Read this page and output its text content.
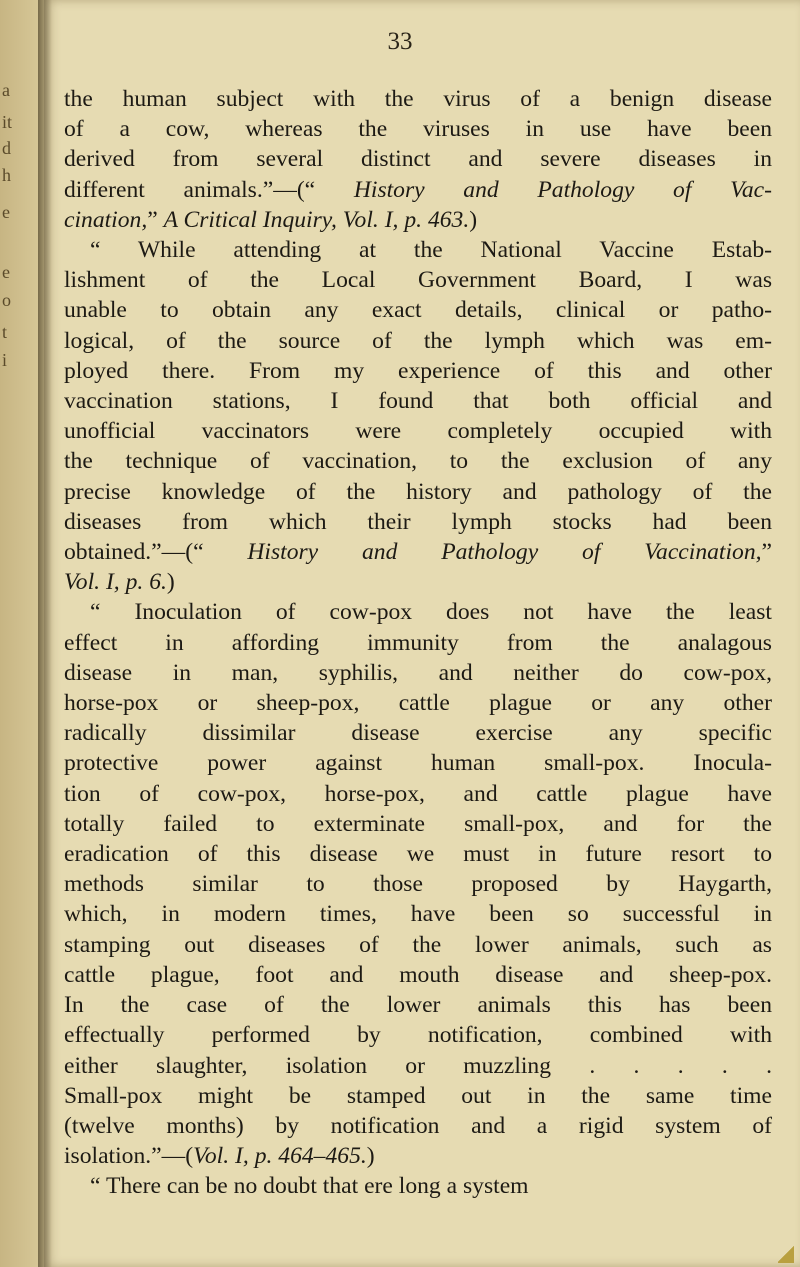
a
it
d
h
e
e
o
t
i
33
the human subject with the virus of a benign disease
of a cow, whereas the viruses in use have been
derived from several distinct and severe diseases in
different animals.”—(“ History and Pathology of Vac-
cination,” A Critical Inquiry, Vol. I, p. 463.)
“ While attending at the National Vaccine Estab-
lishment of the Local Government Board, I was
unable to obtain any exact details, clinical or patho-
logical, of the source of the lymph which was em-
ployed there. From my experience of this and other
vaccination stations, I found that both official and
unofficial vaccinators were completely occupied with
the technique of vaccination, to the exclusion of any
precise knowledge of the history and pathology of the
diseases from which their lymph stocks had been
obtained.”—(“ History and Pathology of Vaccination,”
Vol. I, p. 6.)
“ Inoculation of cow-pox does not have the least
effect in affording immunity from the analagous
disease in man, syphilis, and neither do cow-pox,
horse-pox or sheep-pox, cattle plague or any other
radically dissimilar disease exercise any specific
protective power against human small-pox. Inocula-
tion of cow-pox, horse-pox, and cattle plague have
totally failed to exterminate small-pox, and for the
eradication of this disease we must in future resort to
methods similar to those proposed by Haygarth,
which, in modern times, have been so successful in
stamping out diseases of the lower animals, such as
cattle plague, foot and mouth disease and sheep-pox.
In the case of the lower animals this has been
effectually performed by notification, combined with
either slaughter, isolation or muzzling . . . . .
Small-pox might be stamped out in the same time
(twelve months) by notification and a rigid system of
isolation.”—(Vol. I, p. 464–465.)
“ There can be no doubt that ere long a system
